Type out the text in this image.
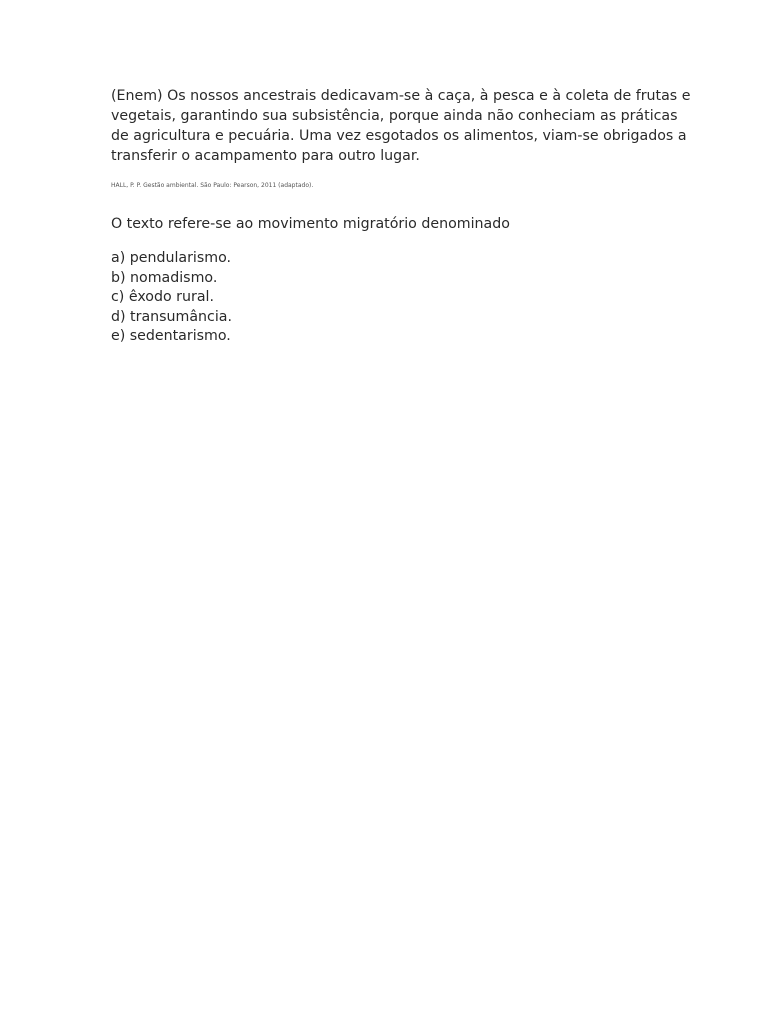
(Enem) Os nossos ancestrais dedicavam-se à caça, à pesca e à coleta de frutas e
vegetais, garantindo sua subsistência, porque ainda não conheciam as práticas
de agricultura e pecuária. Uma vez esgotados os alimentos, viam-se obrigados a
transferir o acampamento para outro lugar.

HALL, P. P. Gestão ambiental. São Paulo: Pearson, 2011 (adaptado).

O texto refere-se ao movimento migratório denominado

a) pendularismo.
b) nomadismo.
c) êxodo rural.
d) transumância.
e) sedentarismo.
